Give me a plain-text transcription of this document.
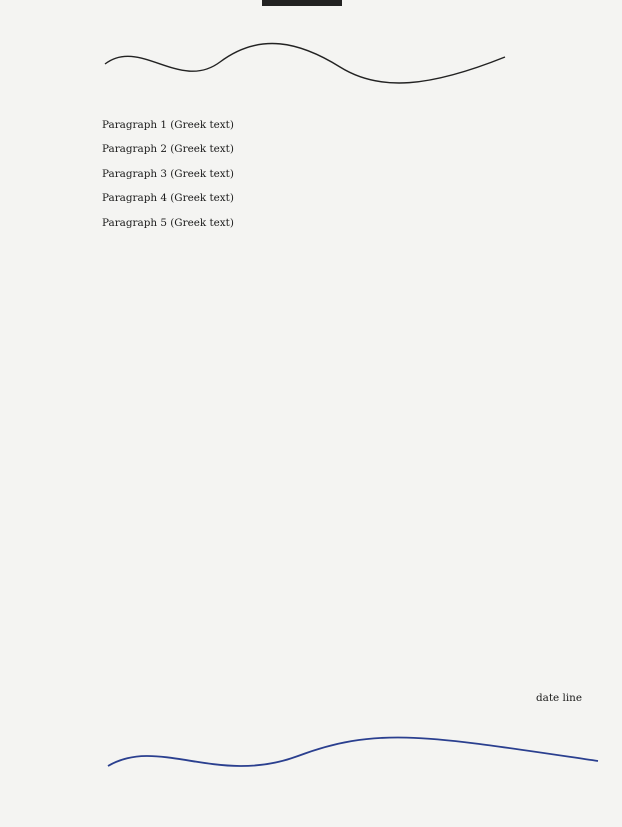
Paragraph 1 (Greek text)

Paragraph 2 (Greek text)

Paragraph 3 (Greek text)

Paragraph 4 (Greek text)

Paragraph 5 (Greek text)

date line
